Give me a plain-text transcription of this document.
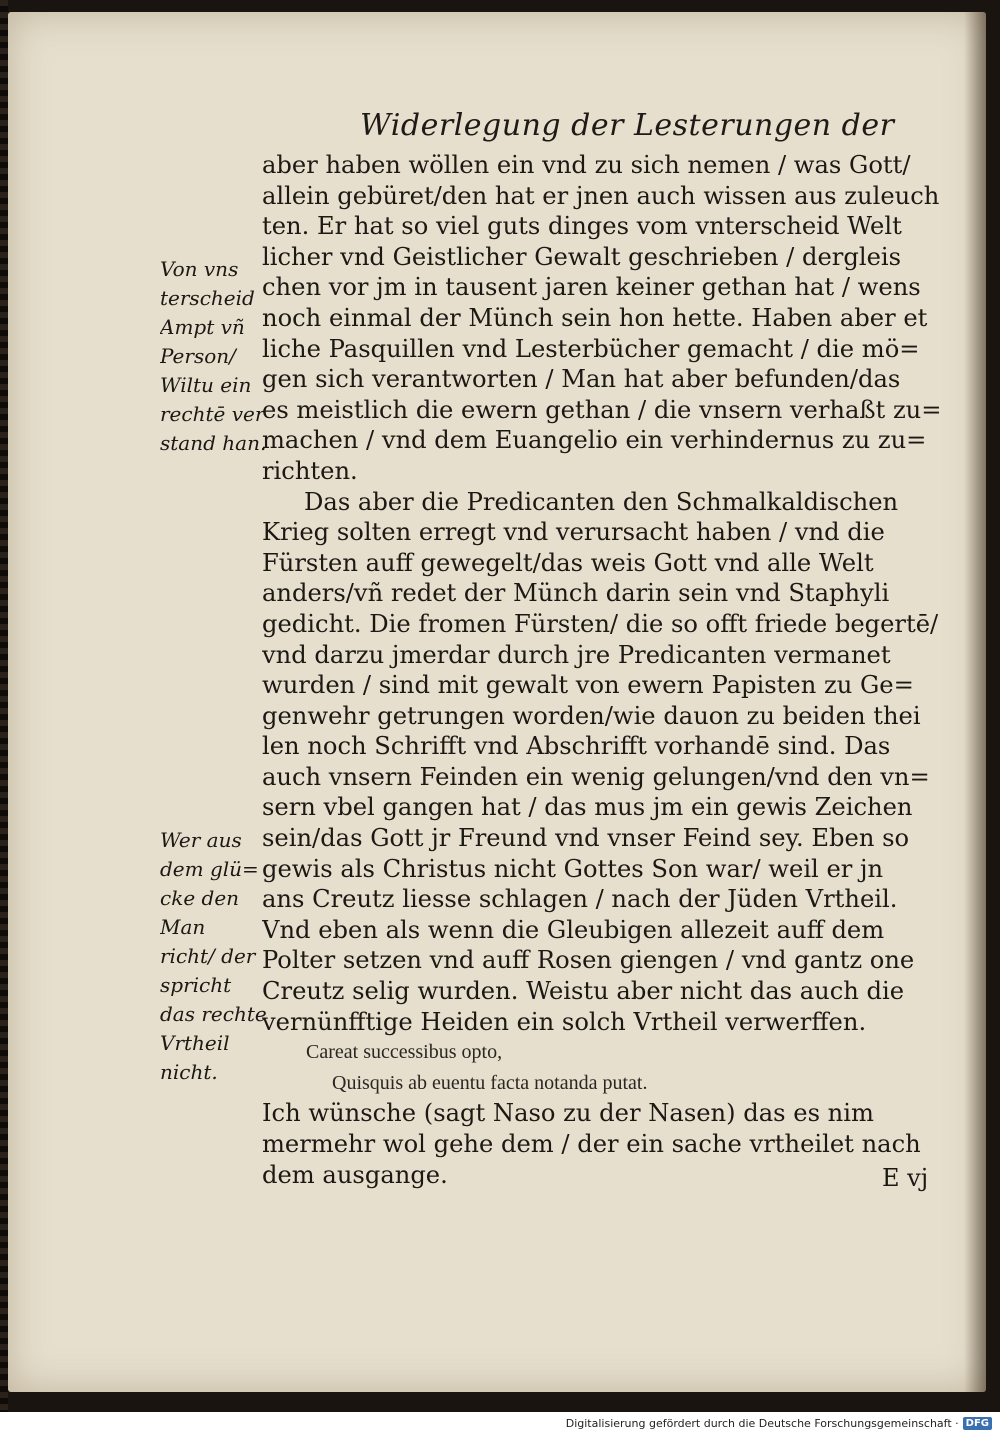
Widerlegung der Lesterungen der
Von vns
terscheid
Ampt vñ
Person/
Wiltu ein
rechtē ver
stand han.
Wer aus
dem glü=
cke den
Man
richt/ der
spricht
das rechte
Vrtheil
nicht.
aber haben wöllen ein vnd zu sich nemen / was Gott/
allein gebüret/den hat er jnen auch wissen aus zuleuch
ten. Er hat so viel guts dinges vom vnterscheid Welt
licher vnd Geistlicher Gewalt geschrieben / dergleis
chen vor jm in tausent jaren keiner gethan hat / wens
noch einmal der Münch sein hon hette. Haben aber et
liche Pasquillen vnd Lesterbücher gemacht / die mö=
gen sich verantworten / Man hat aber befunden/das
es meistlich die ewern gethan / die vnsern verhaßt zu=
machen / vnd dem Euangelio ein verhindernus zu zu=
richten.
Das aber die Predicanten den Schmalkaldischen
Krieg solten erregt vnd verursacht haben / vnd die
Fürsten auff gewegelt/das weis Gott vnd alle Welt
anders/vñ redet der Münch darin sein vnd Staphyli
gedicht. Die fromen Fürsten/ die so offt friede begertē/
vnd darzu jmerdar durch jre Predicanten vermanet
wurden / sind mit gewalt von ewern Papisten zu Ge=
genwehr getrungen worden/wie dauon zu beiden thei
len noch Schrifft vnd Abschrifft vorhandē sind. Das
auch vnsern Feinden ein wenig gelungen/vnd den vn=
sern vbel gangen hat / das mus jm ein gewis Zeichen
sein/das Gott jr Freund vnd vnser Feind sey. Eben so
gewis als Christus nicht Gottes Son war/ weil er jn
ans Creutz liesse schlagen / nach der Jüden Vrtheil.
Vnd eben als wenn die Gleubigen allezeit auff dem
Polter setzen vnd auff Rosen giengen / vnd gantz one
Creutz selig wurden. Weistu aber nicht das auch die
vernünfftige Heiden ein solch Vrtheil verwerffen.
Careat successibus opto,
Quisquis ab euentu facta notanda putat.
Ich wünsche (sagt Naso zu der Nasen) das es nim
mermehr wol gehe dem / der ein sache vrtheilet nach
dem ausgange.	E vj
Digitalisierung gefördert durch die Deutsche Forschungsgemeinschaft · DFG
